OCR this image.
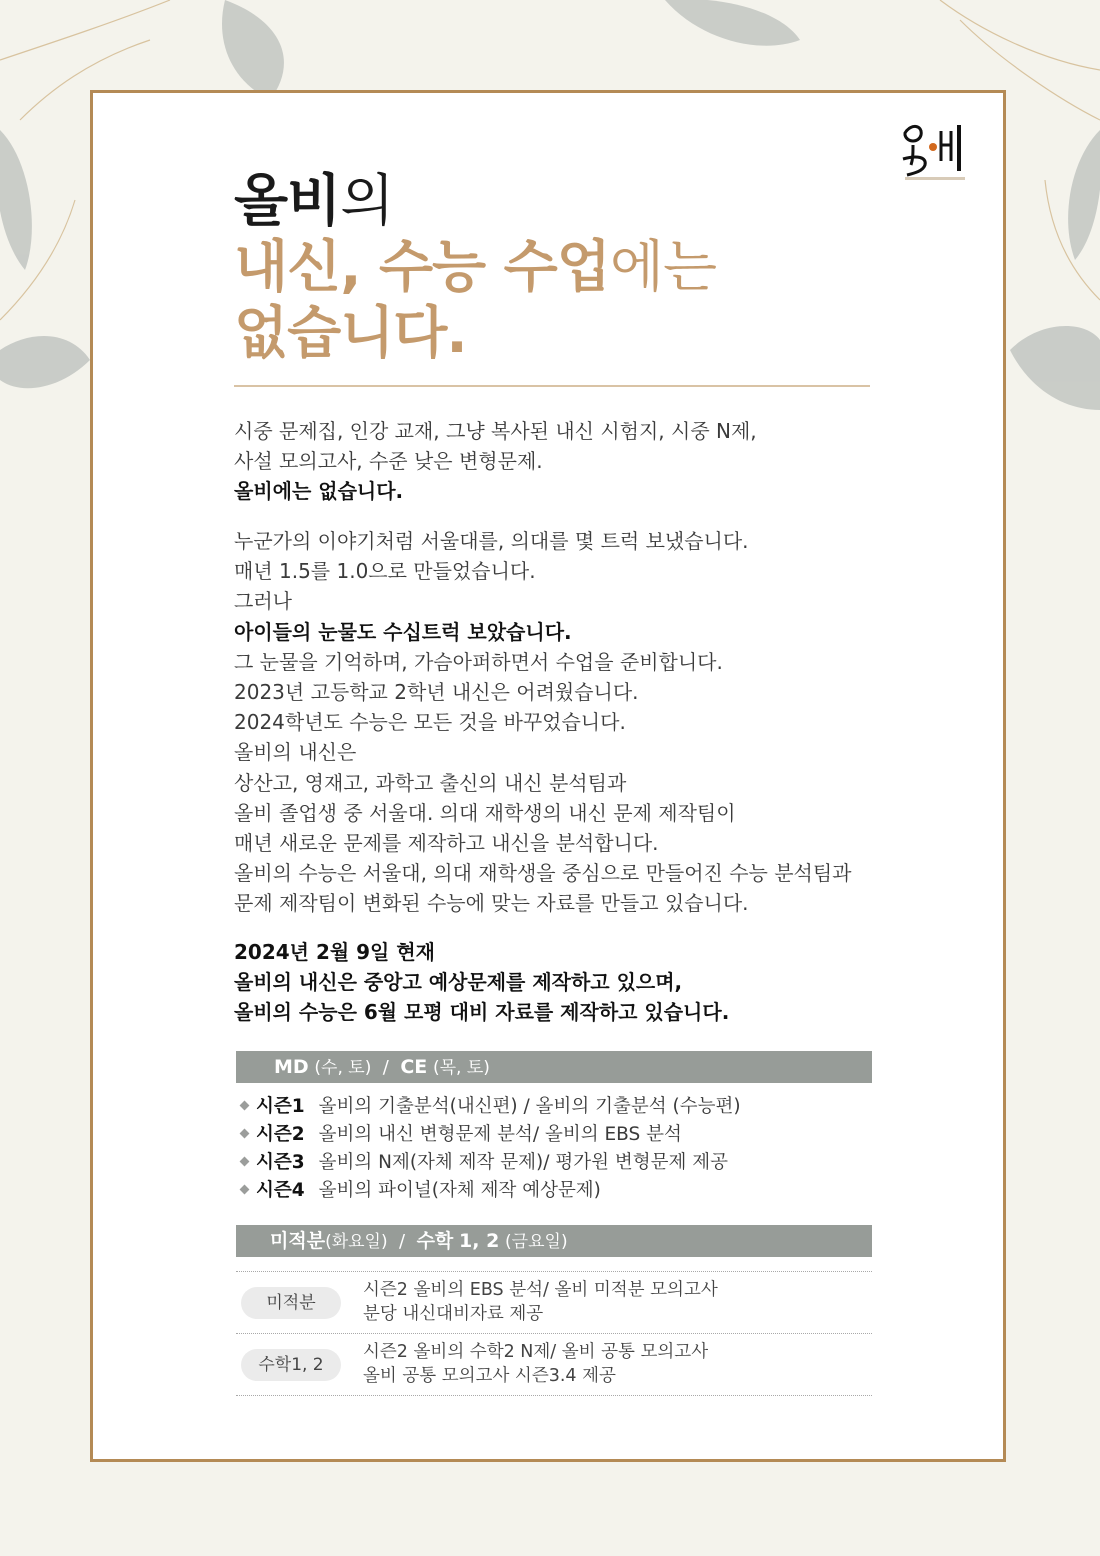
올비의
내신, 수능 수업에는
없습니다.
시중 문제집, 인강 교재, 그냥 복사된 내신 시험지, 시중 N제,
사설 모의고사, 수준 낮은 변형문제.
올비에는 없습니다.
누군가의 이야기처럼 서울대를, 의대를 몇 트럭 보냈습니다.
매년 1.5를 1.0으로 만들었습니다.
그러나
아이들의 눈물도 수십트럭 보았습니다.
그 눈물을 기억하며, 가슴아퍼하면서 수업을 준비합니다.
2023년 고등학교 2학년 내신은 어려웠습니다.
2024학년도 수능은 모든 것을 바꾸었습니다.
올비의 내신은
상산고, 영재고, 과학고 출신의 내신 분석팀과
올비 졸업생 중 서울대. 의대 재학생의 내신 문제 제작팀이
매년 새로운 문제를 제작하고 내신을 분석합니다.
올비의 수능은 서울대, 의대 재학생을 중심으로 만들어진 수능 분석팀과
문제 제작팀이 변화된 수능에 맞는 자료를 만들고 있습니다.
2024년 2월 9일 현재
올비의 내신은 중앙고 예상문제를 제작하고 있으며,
올비의 수능은 6월 모평 대비 자료를 제작하고 있습니다.
MD (수, 토) / CE (목, 토)
시즌1 올비의 기출분석(내신편) / 올비의 기출분석 (수능편)
시즌2 올비의 내신 변형문제 분석/ 올비의 EBS 분석
시즌3 올비의 N제(자체 제작 문제)/ 평가원 변형문제 제공
시즌4 올비의 파이널(자체 제작 예상문제)
미적분(화요일) / 수학 1, 2 (금요일)
미적분
시즌2 올비의 EBS 분석/ 올비 미적분 모의고사
분당 내신대비자료 제공
수학1, 2
시즌2 올비의 수학2 N제/ 올비 공통 모의고사
올비 공통 모의고사 시즌3.4 제공
